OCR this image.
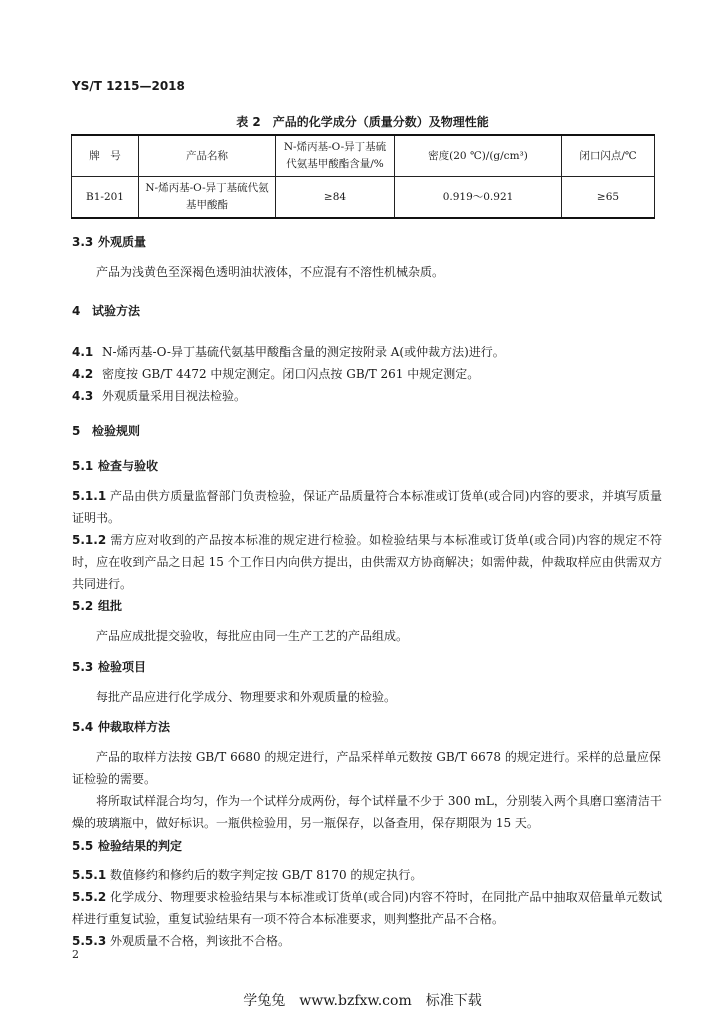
YS/T 1215—2018
表 2　产品的化学成分（质量分数）及物理性能
牌　号	产品名称	N-烯丙基-O-异丁基硫代氨基甲酸酯含量/%	密度(20 ℃)/(g/cm³)	闭口闪点/℃
B1-201	N-烯丙基-O-异丁基硫代氨基甲酸酯	≥84	0.919～0.921	≥65
3.3 外观质量
产品为浅黄色至深褐色透明油状液体，不应混有不溶性机械杂质。
4 试验方法
4.1 N-烯丙基-O-异丁基硫代氨基甲酸酯含量的测定按附录 A(或仲裁方法)进行。
4.2 密度按 GB/T 4472 中规定测定。闭口闪点按 GB/T 261 中规定测定。
4.3 外观质量采用目视法检验。
5 检验规则
5.1 检查与验收
5.1.1 产品由供方质量监督部门负责检验，保证产品质量符合本标准或订货单(或合同)内容的要求，并填写质量证明书。
5.1.2 需方应对收到的产品按本标准的规定进行检验。如检验结果与本标准或订货单(或合同)内容的规定不符时，应在收到产品之日起 15 个工作日内向供方提出，由供需双方协商解决；如需仲裁，仲裁取样应由供需双方共同进行。
5.2 组批
产品应成批提交验收，每批应由同一生产工艺的产品组成。
5.3 检验项目
每批产品应进行化学成分、物理要求和外观质量的检验。
5.4 仲裁取样方法
产品的取样方法按 GB/T 6680 的规定进行，产品采样单元数按 GB/T 6678 的规定进行。采样的总量应保证检验的需要。
将所取试样混合均匀，作为一个试样分成两份，每个试样量不少于 300 mL，分别装入两个具磨口塞清洁干燥的玻璃瓶中，做好标识。一瓶供检验用，另一瓶保存，以备查用，保存期限为 15 天。
5.5 检验结果的判定
5.5.1 数值修约和修约后的数字判定按 GB/T 8170 的规定执行。
5.5.2 化学成分、物理要求检验结果与本标准或订货单(或合同)内容不符时，在同批产品中抽取双倍量单元数试样进行重复试验，重复试验结果有一项不符合本标准要求，则判整批产品不合格。
5.5.3 外观质量不合格，判该批不合格。
2
学兔兔　www.bzfxw.com　标准下载
